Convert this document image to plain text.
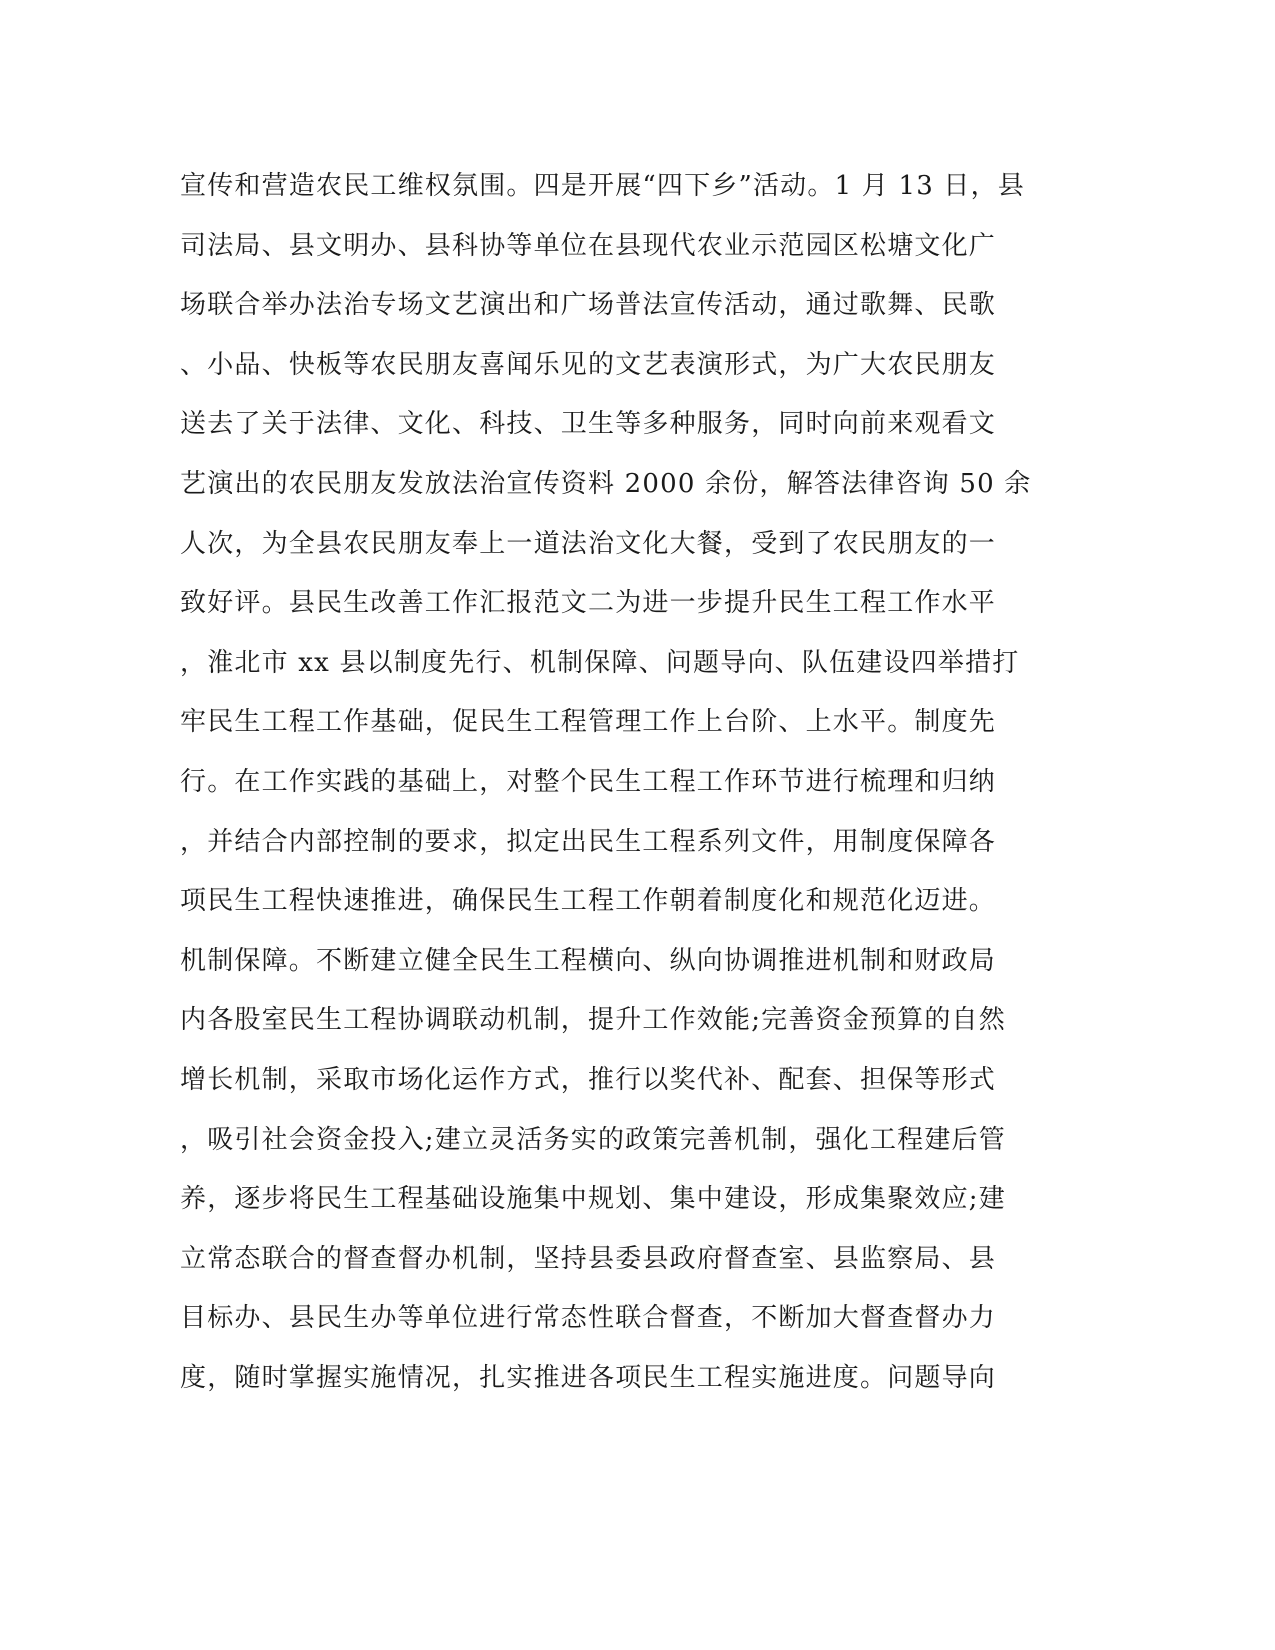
宣传和营造农民工维权氛围。四是开展“四下乡”活动。1 月 13 日，县
司法局、县文明办、县科协等单位在县现代农业示范园区松塘文化广
场联合举办法治专场文艺演出和广场普法宣传活动，通过歌舞、民歌
、小品、快板等农民朋友喜闻乐见的文艺表演形式，为广大农民朋友
送去了关于法律、文化、科技、卫生等多种服务，同时向前来观看文
艺演出的农民朋友发放法治宣传资料 2000 余份，解答法律咨询 50 余
人次，为全县农民朋友奉上一道法治文化大餐，受到了农民朋友的一
致好评。县民生改善工作汇报范文二为进一步提升民生工程工作水平
，淮北市 xx 县以制度先行、机制保障、问题导向、队伍建设四举措打
牢民生工程工作基础，促民生工程管理工作上台阶、上水平。制度先
行。在工作实践的基础上，对整个民生工程工作环节进行梳理和归纳
，并结合内部控制的要求，拟定出民生工程系列文件，用制度保障各
项民生工程快速推进，确保民生工程工作朝着制度化和规范化迈进。
机制保障。不断建立健全民生工程横向、纵向协调推进机制和财政局
内各股室民生工程协调联动机制，提升工作效能;完善资金预算的自然
增长机制，采取市场化运作方式，推行以奖代补、配套、担保等形式
，吸引社会资金投入;建立灵活务实的政策完善机制，强化工程建后管
养，逐步将民生工程基础设施集中规划、集中建设，形成集聚效应;建
立常态联合的督查督办机制，坚持县委县政府督查室、县监察局、县
目标办、县民生办等单位进行常态性联合督查，不断加大督查督办力
度，随时掌握实施情况，扎实推进各项民生工程实施进度。问题导向
